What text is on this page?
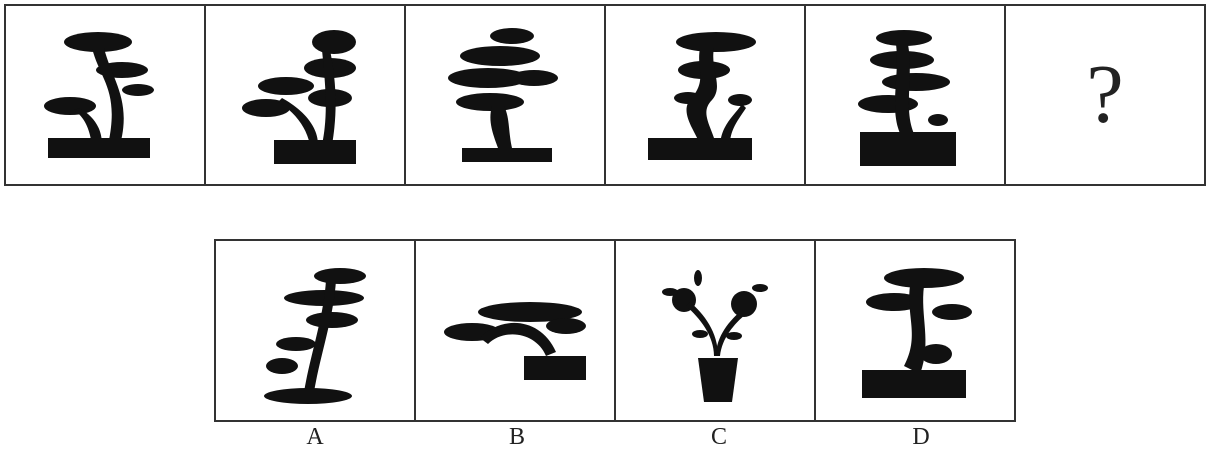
?
A	B	C	D
